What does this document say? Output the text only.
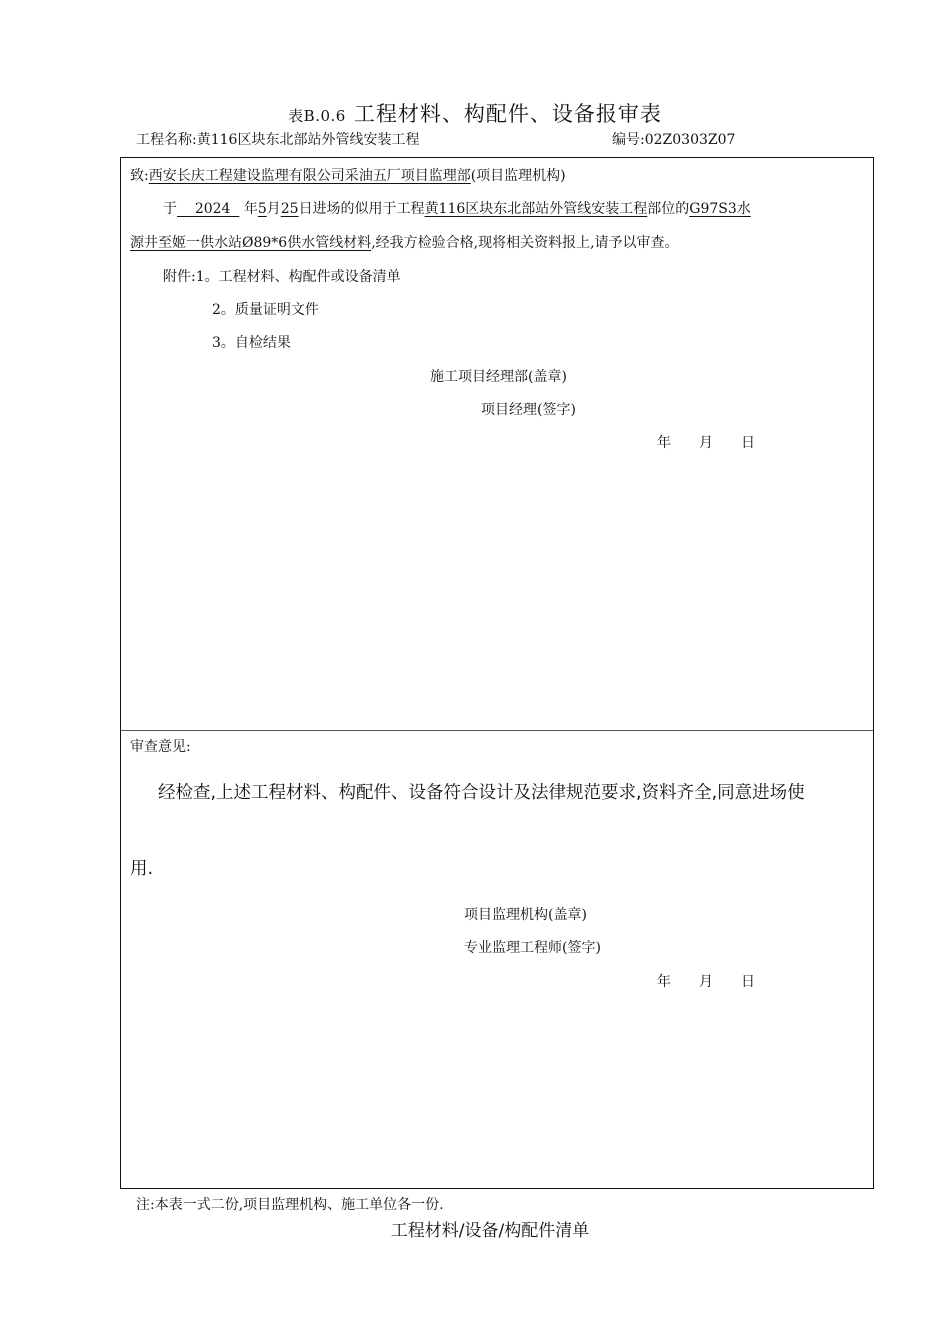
表B.0.6 工程材料、构配件、设备报审表
工程名称:黄116区块东北部站外管线安装工程	编号:02Z0303Z07
致:西安长庆工程建设监理有限公司采油五厂项目监理部(项目监理机构)
于 2024 年5月25日进场的似用于工程黄116区块东北部站外管线安装工程部位的G97S3水
源井至姬一供水站Ø89*6供水管线材料,经我方检验合格,现将相关资料报上,请予以审查。
附件:1。工程材料、构配件或设备清单
2。质量证明文件
3。自检结果
施工项目经理部(盖章)
项目经理(签字)
年 月 日
审查意见:
经检查,上述工程材料、构配件、设备符合设计及法律规范要求,资料齐全,同意进场使
用.
项目监理机构(盖章)
专业监理工程师(签字)
年 月 日
注:本表一式二份,项目监理机构、施工单位各一份.
工程材料/设备/构配件清单
